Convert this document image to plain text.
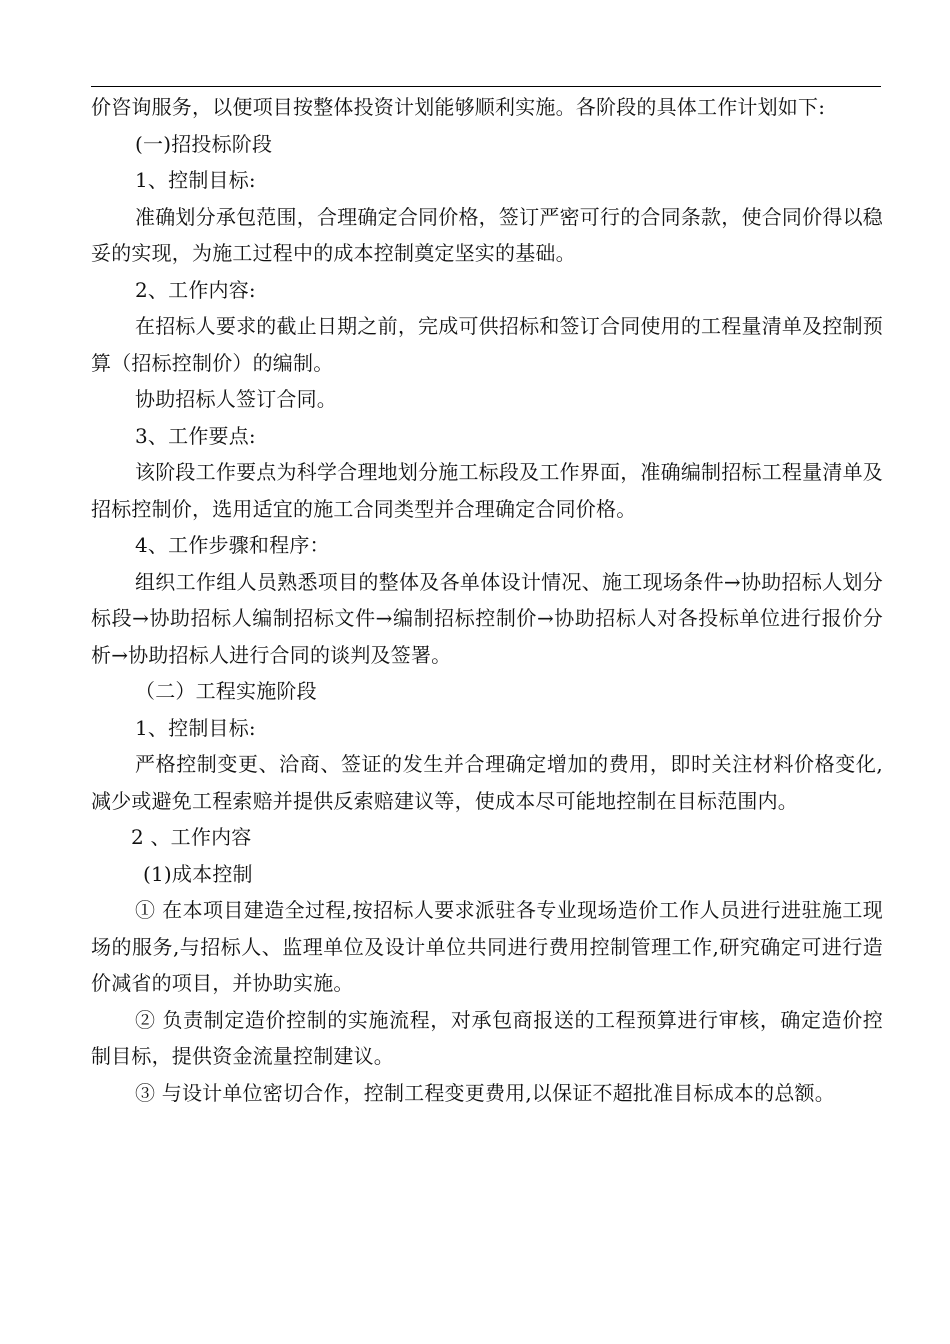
价咨询服务，以便项目按整体投资计划能够顺利实施。各阶段的具体工作计划如下:

(一)招投标阶段

1、控制目标:

准确划分承包范围，合理确定合同价格，签订严密可行的合同条款，使合同价得以稳妥的实现，为施工过程中的成本控制奠定坚实的基础。

2、工作内容:

在招标人要求的截止日期之前，完成可供招标和签订合同使用的工程量清单及控制预算（招标控制价）的编制。

协助招标人签订合同。

3、工作要点:

该阶段工作要点为科学合理地划分施工标段及工作界面，准确编制招标工程量清单及招标控制价，选用适宜的施工合同类型并合理确定合同价格。

4、工作步骤和程序：

组织工作组人员熟悉项目的整体及各单体设计情况、施工现场条件→协助招标人划分标段→协助招标人编制招标文件→编制招标控制价→协助招标人对各投标单位进行报价分析→协助招标人进行合同的谈判及签署。

（二）工程实施阶段

1、控制目标:

严格控制变更、洽商、签证的发生并合理确定增加的费用，即时关注材料价格变化,减少或避免工程索赔并提供反索赔建议等，使成本尽可能地控制在目标范围内。

2 、工作内容

(1)成本控制

① 在本项目建造全过程,按招标人要求派驻各专业现场造价工作人员进行进驻施工现场的服务,与招标人、监理单位及设计单位共同进行费用控制管理工作,研究确定可进行造价减省的项目，并协助实施。

② 负责制定造价控制的实施流程，对承包商报送的工程预算进行审核，确定造价控制目标，提供资金流量控制建议。

③ 与设计单位密切合作，控制工程变更费用,以保证不超批准目标成本的总额。
